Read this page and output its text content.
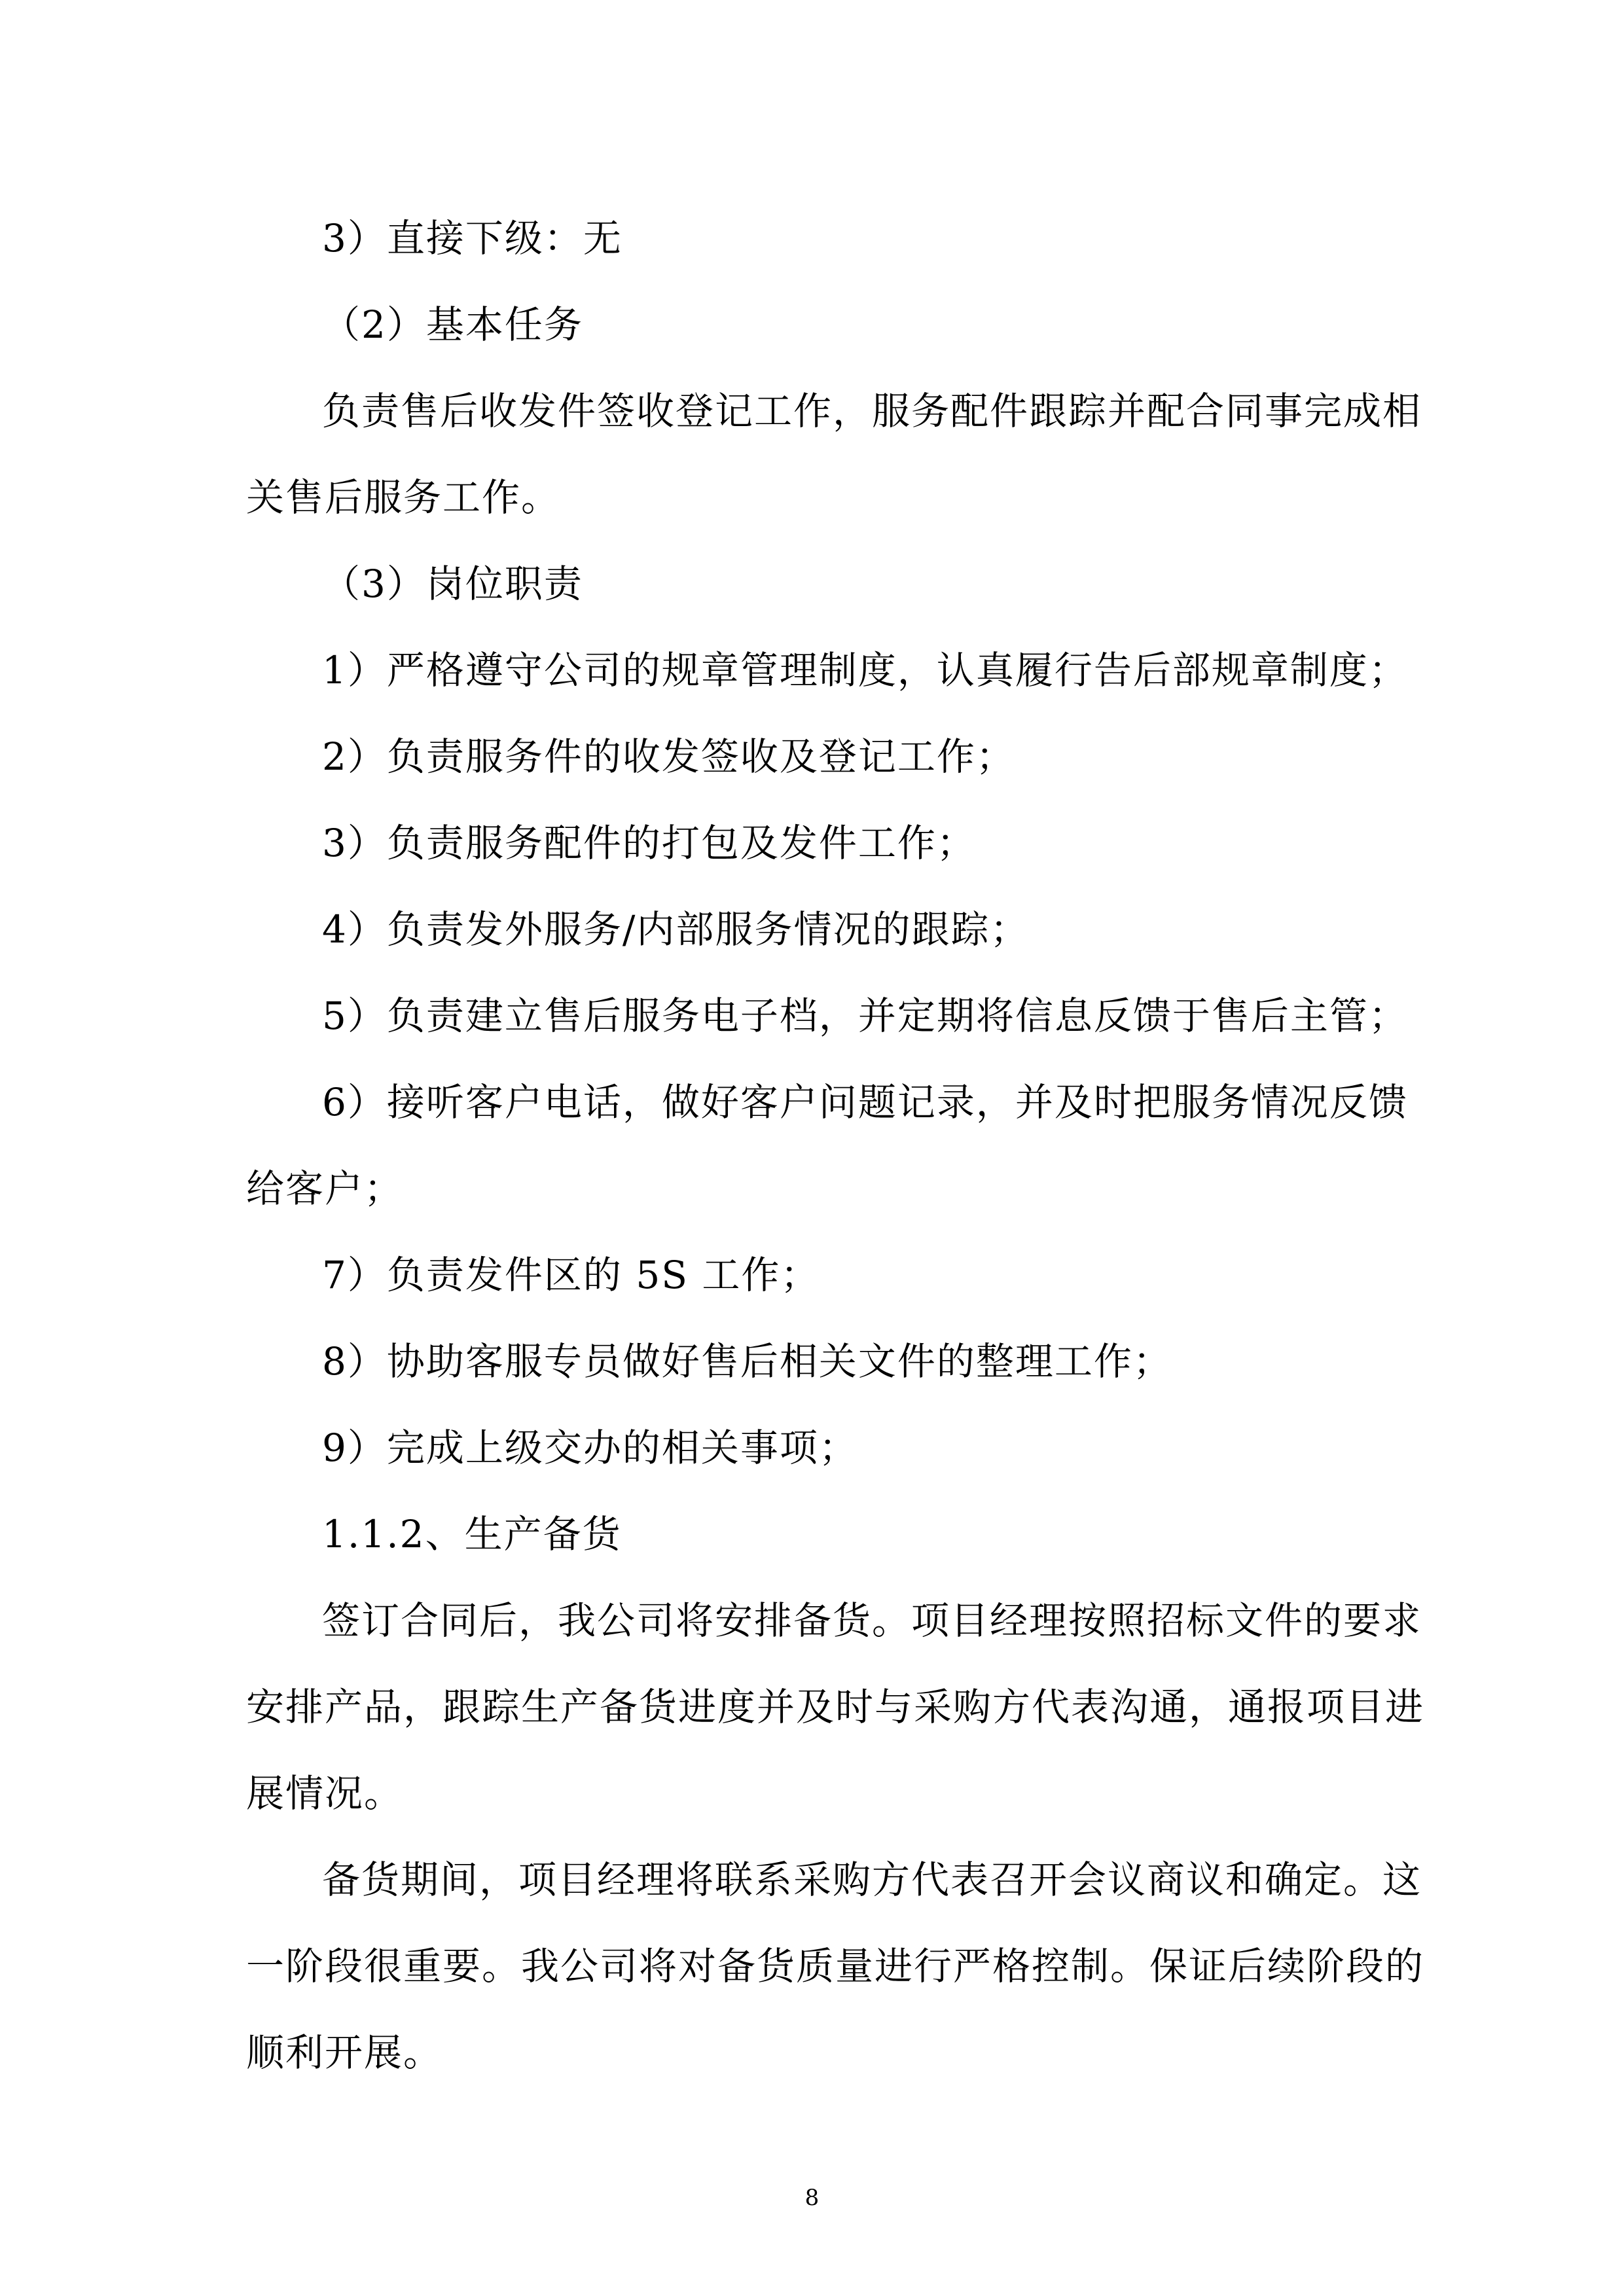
3）直接下级：无
（2）基本任务
负责售后收发件签收登记工作，服务配件跟踪并配合同事完成相
关售后服务工作。
（3）岗位职责
1）严格遵守公司的规章管理制度，认真履行告后部规章制度；
2）负责服务件的收发签收及登记工作；
3）负责服务配件的打包及发件工作；
4）负责发外服务/内部服务情况的跟踪；
5）负责建立售后服务电子档，并定期将信息反馈于售后主管；
6）接听客户电话，做好客户问题记录，并及时把服务情况反馈
给客户；
7）负责发件区的 5S 工作；
8）协助客服专员做好售后相关文件的整理工作；
9）完成上级交办的相关事项；
1.1.2、生产备货
签订合同后，我公司将安排备货。项目经理按照招标文件的要求
安排产品，跟踪生产备货进度并及时与采购方代表沟通，通报项目进
展情况。
备货期间，项目经理将联系采购方代表召开会议商议和确定。这
一阶段很重要。我公司将对备货质量进行严格控制。保证后续阶段的
顺利开展。
8
